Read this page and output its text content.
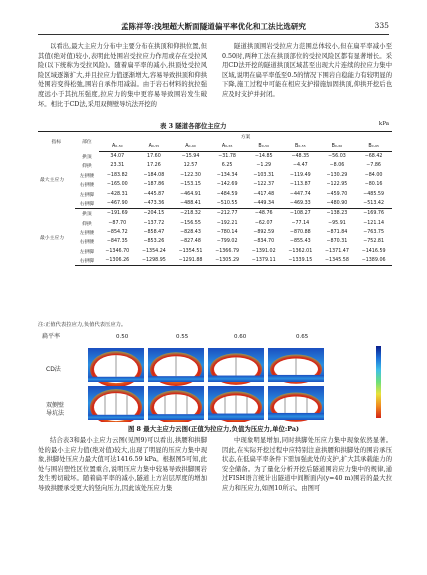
孟陈祥等:浅埋超大断面隧道偏平率优化和工法比选研究	335

以看出,最大主应力分布中主要分布在拱顶和仰拱位置,但其值(绝对值)较小,表明此处围岩受拉应力作用或存在受拉风险(以下统称为受拉风险)。随着扁平率的减小,拱顶处受拉风险区域逐渐扩大,并且拉应力值逐渐增大,容易导致拱顶和仰拱处围岩变得松弛,围岩自承作用减弱。由于岩石材料的抗拉强度远小于其抗压强度,拉应力的集中更容易导致围岩发生破坏。相比于CD法,采用双侧壁导坑法开挖的

隧道拱顶围岩受拉应力范围总体较小,但在扁平率减小至0.50时,两种工法在拱顶部位的受拉风险区都有显著增长。采用CD法开挖的隧道拱顶区域甚至出现大片连续的拉应力集中区域,说明在扁平率低至0.5的情况下围岩自稳能力有较明显的下降,施工过程中可能在相应支护措施加固拱顶,仰拱开挖后也应及时支护并封闭。

表 3 隧道各部位主应力	kPa
指标	部位	方案							
		A₀.₅₀	A₀.₅₅	A₀.₆₀	A₀.₆₅	B₀.₅₀	B₀.₅₅	B₀.₆₀	B₀.₆₅
最大主应力	拱顶	34.07	17.60	−15.94	−31.78	−14.85	−48.35	−56.03	−68.42
	仰拱	23.31	17.26	12.57	6.25	−1.29	−4.47	−8.06	−7.86
	左拱腰	−183.82	−184.08	−122.30	−134.34	−103.31	−119.49	−130.29	−84.00
	右拱腰	−165.00	−187.86	−153.15	−142.69	−122.37	−113.87	−122.95	−80.16
	左拱脚	−428.31	−445.87	−464.91	−484.59	−417.48	−447.74	−459.70	−485.59
	右拱脚	−467.90	−473.36	−488.41	−510.55	−449.34	−469.33	−480.90	−513.42
最小主应力	拱顶	−191.69	−204.15	−218.32	−212.77	−48.76	−108.27	−138.23	−169.76
	仰拱	−87.70	−137.72	−156.55	−192.21	−62.07	−77.14	−95.91	−121.14
	左拱腰	−854.72	−858.47	−828.43	−780.14	−892.59	−870.88	−871.84	−763.75
	右拱腰	−847.35	−853.26	−827.48	−799.02	−834.70	−855.43	−870.31	−752.81
	左拱脚	−1346.70	−1354.24	−1354.51	−1366.79	−1391.02	−1362.01	−1371.47	−1416.59
	右拱脚	−1306.26	−1298.95	−1291.88	−1305.29	−1379.11	−1339.15	−1345.58	−1389.06
注:正值代表拉应力,负值代表压应力。
扁平率	0.50	0.55	0.60	0.65
CD法
双侧壁
导坑法
图 8 最大主应力云图(正值为拉应力,负值为压应力,单位:Pa)

结合表3和最小主应力云图(见图9)可以看出,拱腰和拱脚处的最小主应力值(绝对值)较大,出现了明显的压应力集中现象,拱脚处压应力最大值可达1416.59 kPa。根据图5可知,此处与围岩塑性区位置重合,说明压应力集中较易导致拱脚围岩发生剪切破坏。随着扁平率的减小,隧道上方岩层厚度的增加导致拱腰承受更大的竖向压力,因此该处压应力集

中现象明显增加,同时拱脚处压应力集中现象依然显著。因此,在实际开挖过程中应特别注意拱腰和拱脚处的围岩承压状态,在低扁平率条件下需加强此处的支护,扩大其承载能力的安全储备。为了量化分析开挖后隧道围岩应力集中的规律,通过FISH语言统计出隧道中间断面内(y=40 m)围岩的最大拉应力和压应力,如图10所示。由图可
